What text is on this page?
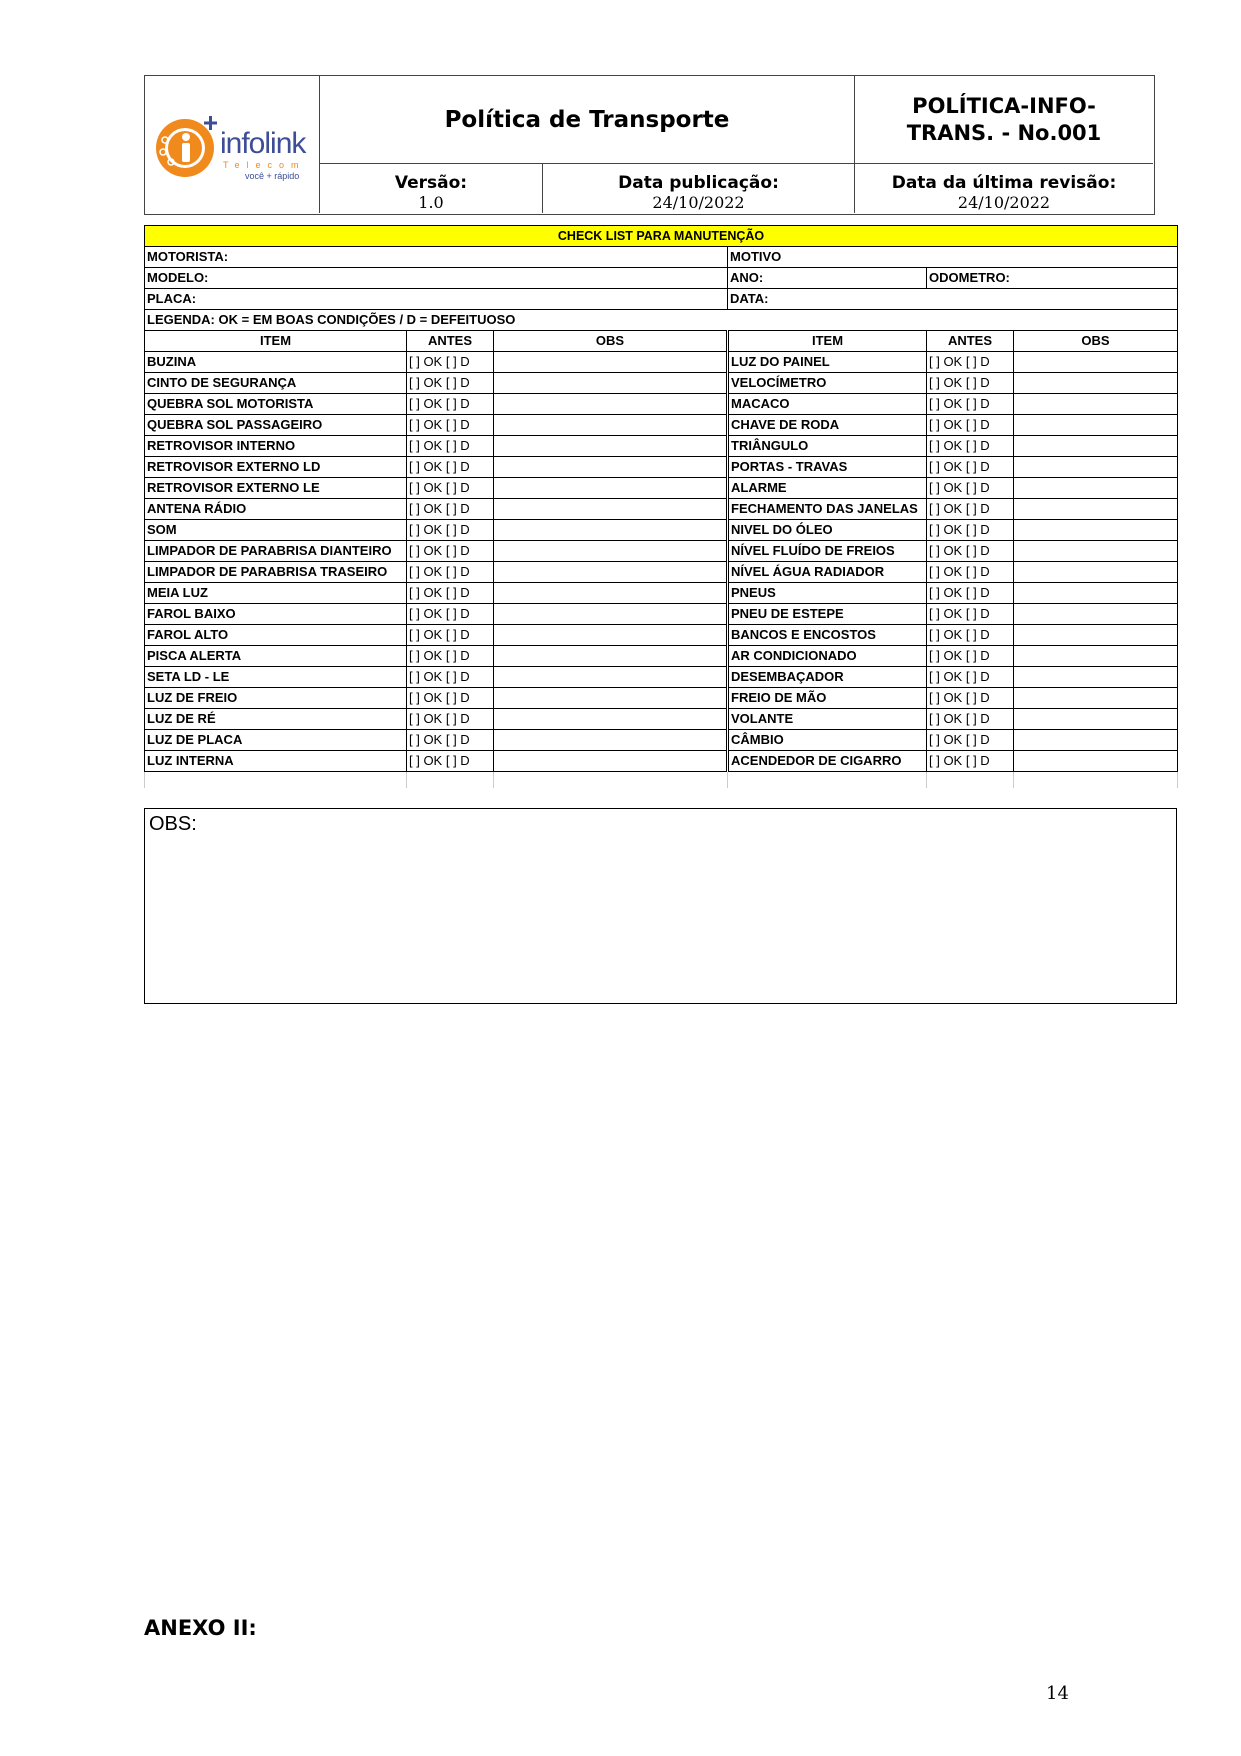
infolink
Telecom
você + rápido
Política de Transporte
POLÍTICA-INFO-
TRANS. - No.001
Versão:
1.0
Data publicação:
24/10/2022
Data da última revisão:
24/10/2022
CHECK LIST PARA MANUTENÇÃO					
MOTORISTA:			MOTIVO		
MODELO:			ANO:	ODOMETRO:	
PLACA:			DATA:		
LEGENDA: OK = EM BOAS CONDIÇÕES / D = DEFEITUOSO					
ITEM	ANTES	OBS	ITEM	ANTES	OBS
BUZINA	[ ] OK [ ] D		LUZ DO PAINEL	[ ] OK [ ] D	
CINTO DE SEGURANÇA	[ ] OK [ ] D		VELOCÍMETRO	[ ] OK [ ] D	
QUEBRA SOL MOTORISTA	[ ] OK [ ] D		MACACO	[ ] OK [ ] D	
QUEBRA SOL PASSAGEIRO	[ ] OK [ ] D		CHAVE DE RODA	[ ] OK [ ] D	
RETROVISOR INTERNO	[ ] OK [ ] D		TRIÂNGULO	[ ] OK [ ] D	
RETROVISOR EXTERNO LD	[ ] OK [ ] D		PORTAS - TRAVAS	[ ] OK [ ] D	
RETROVISOR EXTERNO LE	[ ] OK [ ] D		ALARME	[ ] OK [ ] D	
ANTENA RÁDIO	[ ] OK [ ] D		FECHAMENTO DAS JANELAS	[ ] OK [ ] D	
SOM	[ ] OK [ ] D		NIVEL DO ÓLEO	[ ] OK [ ] D	
LIMPADOR DE PARABRISA DIANTEIRO	[ ] OK [ ] D		NÍVEL FLUÍDO DE FREIOS	[ ] OK [ ] D	
LIMPADOR DE PARABRISA TRASEIRO	[ ] OK [ ] D		NÍVEL ÁGUA RADIADOR	[ ] OK [ ] D	
MEIA LUZ	[ ] OK [ ] D		PNEUS	[ ] OK [ ] D	
FAROL BAIXO	[ ] OK [ ] D		PNEU DE ESTEPE	[ ] OK [ ] D	
FAROL ALTO	[ ] OK [ ] D		BANCOS E ENCOSTOS	[ ] OK [ ] D	
PISCA ALERTA	[ ] OK [ ] D		AR CONDICIONADO	[ ] OK [ ] D	
SETA LD - LE	[ ] OK [ ] D		DESEMBAÇADOR	[ ] OK [ ] D	
LUZ DE FREIO	[ ] OK [ ] D		FREIO DE MÃO	[ ] OK [ ] D	
LUZ DE RÉ	[ ] OK [ ] D		VOLANTE	[ ] OK [ ] D	
LUZ DE PLACA	[ ] OK [ ] D		CÂMBIO	[ ] OK [ ] D	
LUZ INTERNA	[ ] OK [ ] D		ACENDEDOR DE CIGARRO	[ ] OK [ ] D	

OBS:
ANEXO II:
14
